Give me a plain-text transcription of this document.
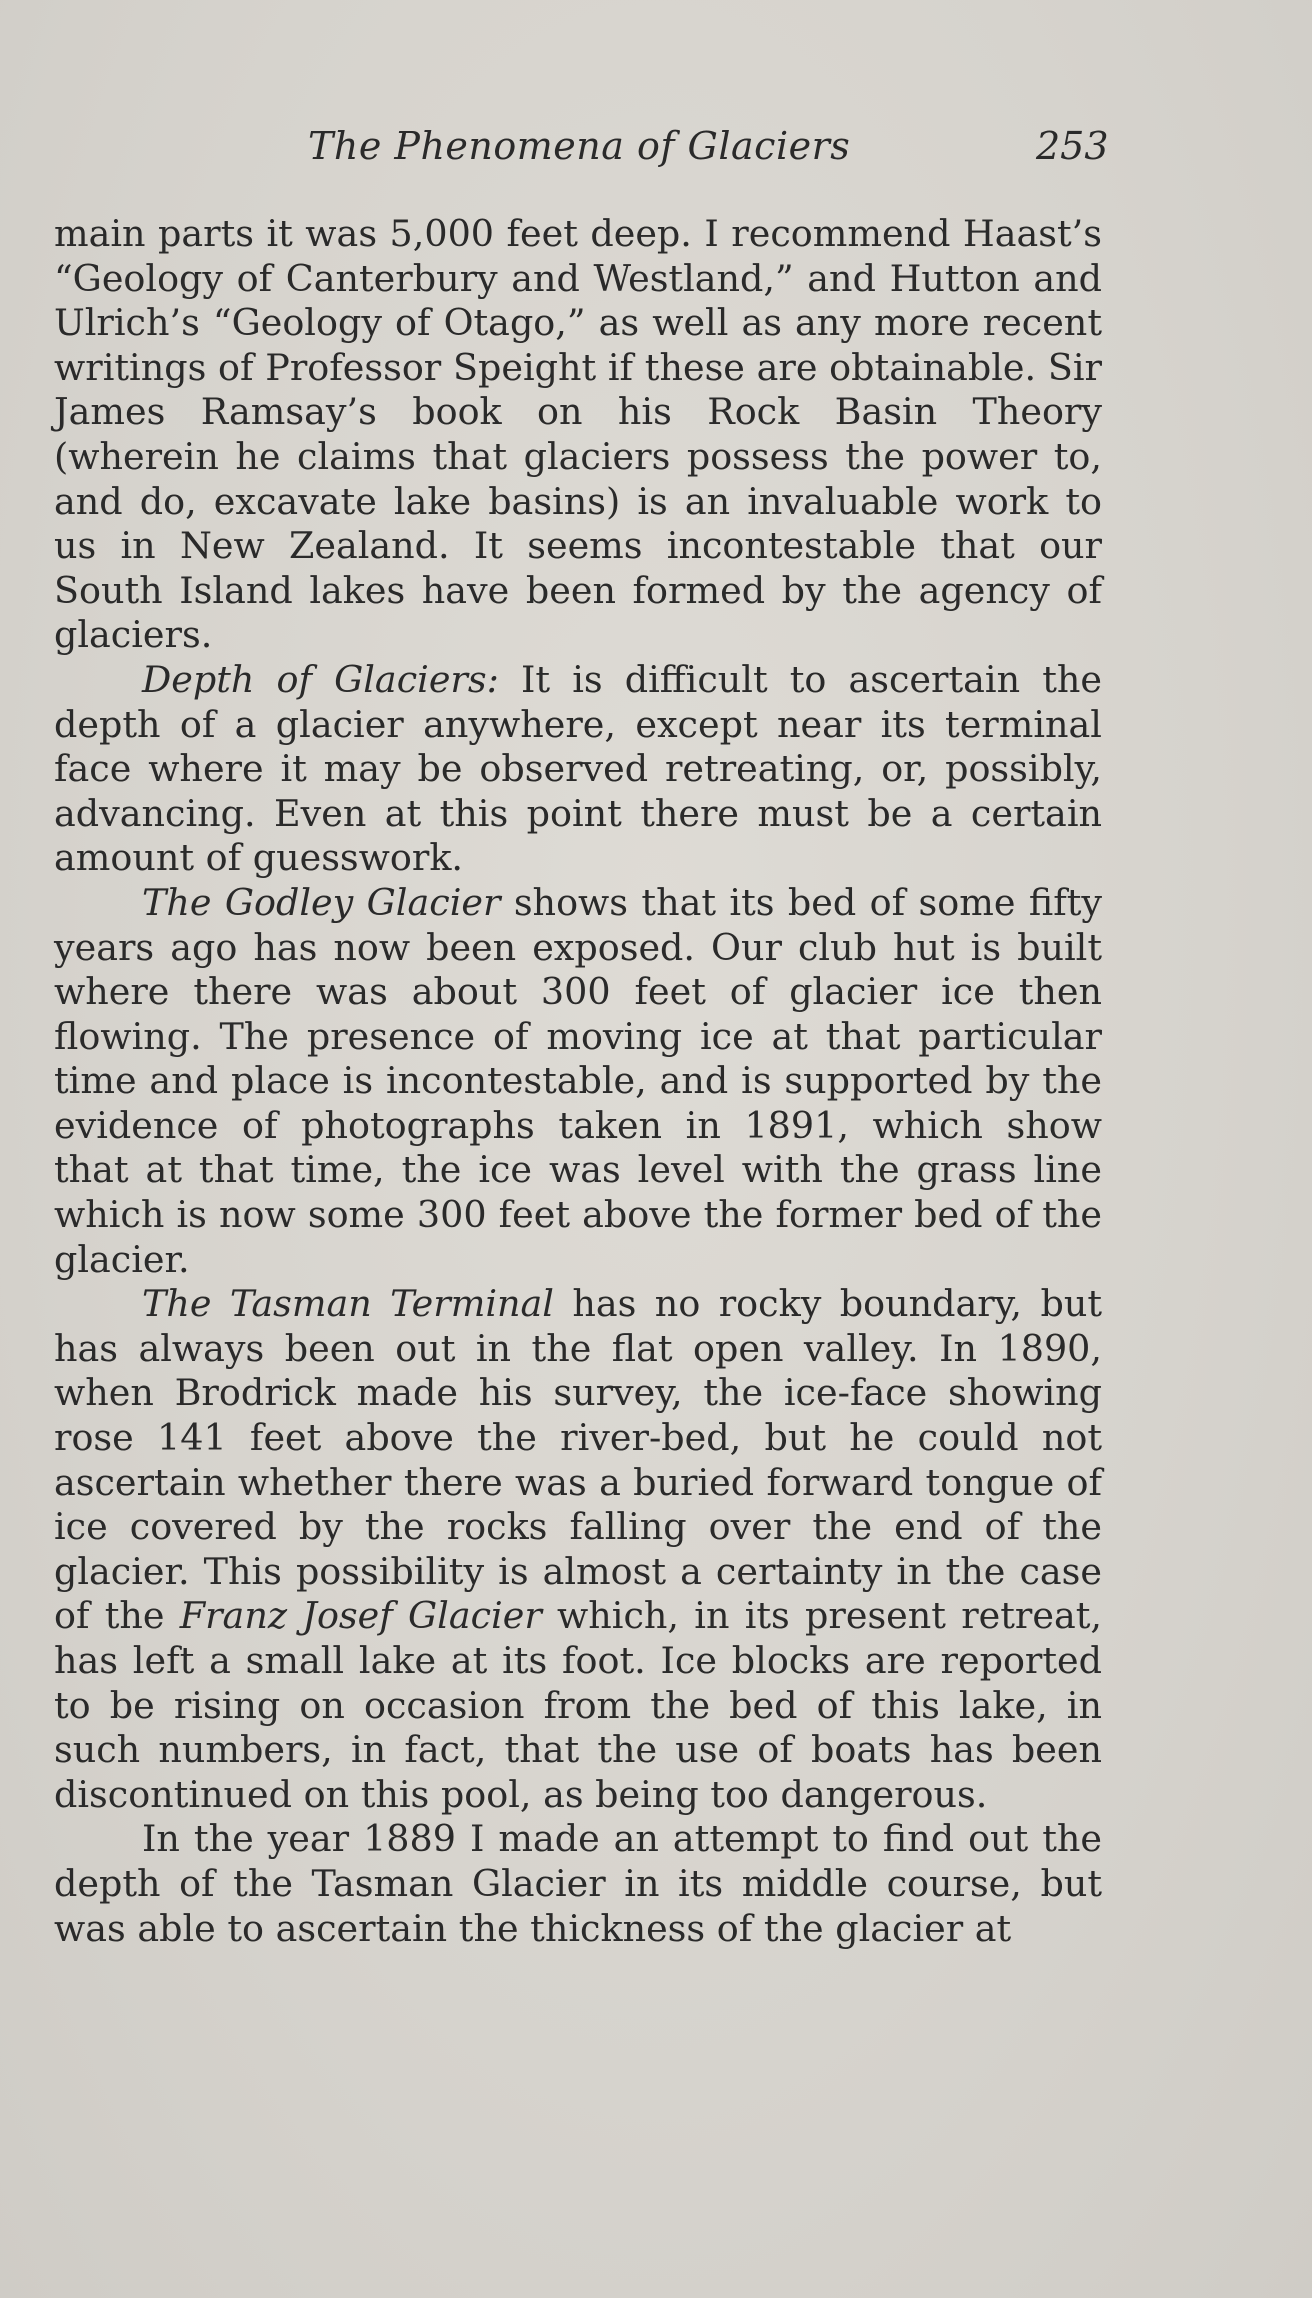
The Phenomena of Glaciers	253

main parts it was 5,000 feet deep. I recommend Haast’s “Geology of Canterbury and Westland,” and Hutton and Ulrich’s “Geology of Otago,” as well as any more recent writings of Professor Speight if these are obtainable. Sir James Ramsay’s book on his Rock Basin Theory (wherein he claims that glaciers possess the power to, and do, excavate lake basins) is an invaluable work to us in New Zealand. It seems incontestable that our South Island lakes have been formed by the agency of glaciers.

Depth of Glaciers: It is difficult to ascertain the depth of a glacier anywhere, except near its terminal face where it may be observed retreating, or, possibly, advancing. Even at this point there must be a certain amount of guesswork.

The Godley Glacier shows that its bed of some fifty years ago has now been exposed. Our club hut is built where there was about 300 feet of glacier ice then flowing. The presence of moving ice at that particular time and place is incontestable, and is supported by the evidence of photographs taken in 1891, which show that at that time, the ice was level with the grass line which is now some 300 feet above the former bed of the glacier.

The Tasman Terminal has no rocky boundary, but has always been out in the flat open valley. In 1890, when Brodrick made his survey, the ice-face showing rose 141 feet above the river-bed, but he could not ascertain whether there was a buried forward tongue of ice covered by the rocks falling over the end of the glacier. This possibility is almost a certainty in the case of the Franz Josef Glacier which, in its present retreat, has left a small lake at its foot. Ice blocks are reported to be rising on occasion from the bed of this lake, in such numbers, in fact, that the use of boats has been discontinued on this pool, as being too dangerous.

In the year 1889 I made an attempt to find out the depth of the Tasman Glacier in its middle course, but was able to ascertain the thickness of the glacier at
